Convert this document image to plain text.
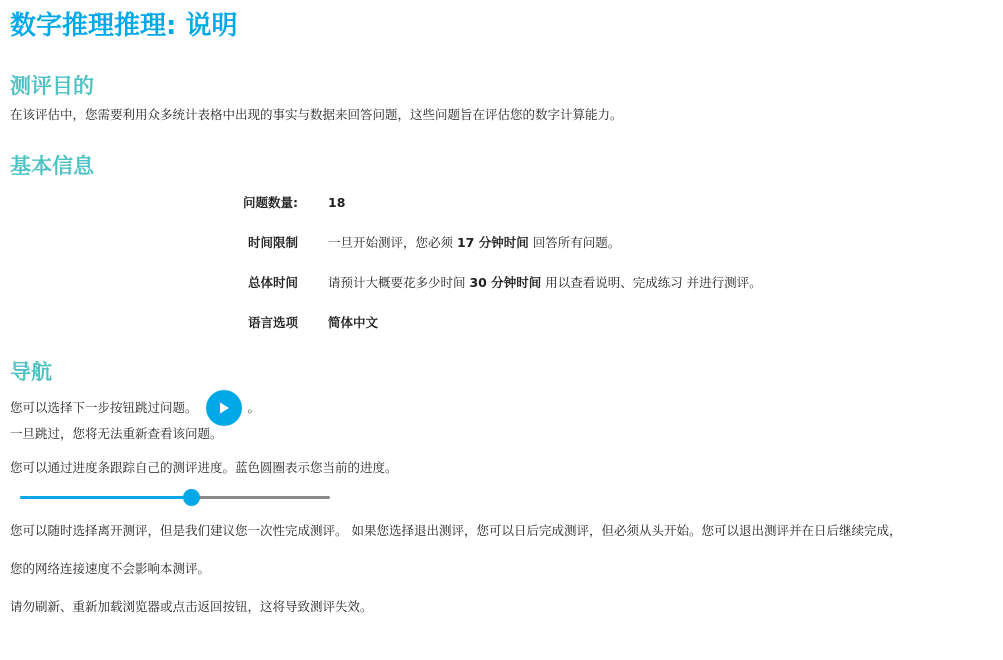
数字推理推理: 说明
测评目的

在该评估中，您需要利用众多统计表格中出现的事实与数据来回答问题，这些问题旨在评估您的数字计算能力。

基本信息
问题数量: 18
时间限制 一旦开始测评，您必须 17 分钟时间 回答所有问题。
总体时间 请预计大概要花多少时间 30 分钟时间 用以查看说明、完成练习 并进行测评。
语言选项 简体中文
导航
您可以选择下一步按钮跳过问题。	。

一旦跳过，您将无法重新查看该问题。

您可以通过进度条跟踪自己的测评进度。蓝色圆圈表示您当前的进度。

您可以随时选择离开测评，但是我们建议您一次性完成测评。 如果您选择退出测评，您可以日后完成测评，但必须从头开始。您可以退出测评并在日后继续完成，

您的网络连接速度不会影响本测评。

请勿刷新、重新加载浏览器或点击返回按钮，这将导致测评失效。
